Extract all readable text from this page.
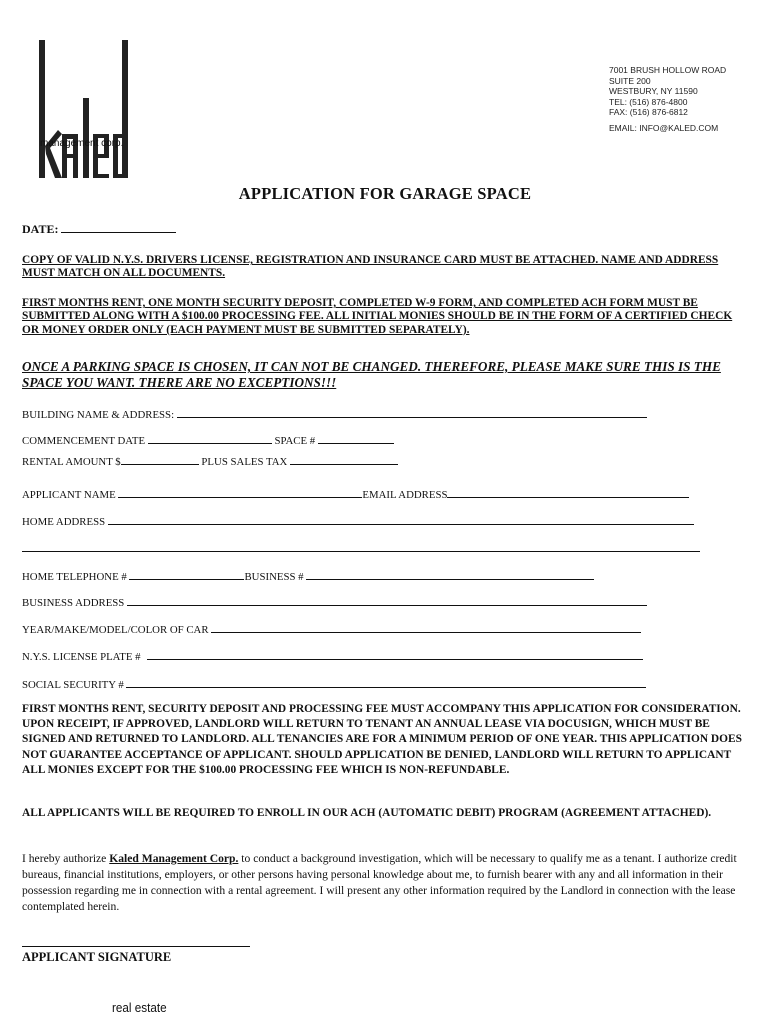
management corp.
7001 BRUSH HOLLOW ROAD
SUITE 200
WESTBURY, NY 11590
TEL: (516) 876-4800
FAX: (516) 876-6812
EMAIL: INFO@KALED.COM
APPLICATION FOR GARAGE SPACE
DATE:
COPY OF VALID N.Y.S. DRIVERS LICENSE, REGISTRATION AND INSURANCE CARD MUST BE ATTACHED. NAME AND ADDRESS MUST MATCH ON ALL DOCUMENTS.
FIRST MONTHS RENT, ONE MONTH SECURITY DEPOSIT, COMPLETED W-9 FORM, AND COMPLETED ACH FORM MUST BE SUBMITTED ALONG WITH A $100.00 PROCESSING FEE. ALL INITIAL MONIES SHOULD BE IN THE FORM OF A CERTIFIED CHECK OR MONEY ORDER ONLY (EACH PAYMENT MUST BE SUBMITTED SEPARATELY).
ONCE A PARKING SPACE IS CHOSEN, IT CAN NOT BE CHANGED. THEREFORE, PLEASE MAKE SURE THIS IS THE SPACE YOU WANT. THERE ARE NO EXCEPTIONS!!!
BUILDING NAME & ADDRESS:
COMMENCEMENT DATE	SPACE #
RENTAL AMOUNT $	PLUS SALES TAX
APPLICANT NAME	EMAIL ADDRESS
HOME ADDRESS
HOME TELEPHONE #	BUSINESS #
BUSINESS ADDRESS
YEAR/MAKE/MODEL/COLOR OF CAR
N.Y.S. LICENSE PLATE #
SOCIAL SECURITY #
FIRST MONTHS RENT, SECURITY DEPOSIT AND PROCESSING FEE MUST ACCOMPANY THIS APPLICATION FOR CONSIDERATION. UPON RECEIPT, IF APPROVED, LANDLORD WILL RETURN TO TENANT AN ANNUAL LEASE VIA DOCUSIGN, WHICH MUST BE SIGNED AND RETURNED TO LANDLORD. ALL TENANCIES ARE FOR A MINIMUM PERIOD OF ONE YEAR. THIS APPLICATION DOES NOT GUARANTEE ACCEPTANCE OF APPLICANT. SHOULD APPLICATION BE DENIED, LANDLORD WILL RETURN TO APPLICANT ALL MONIES EXCEPT FOR THE $100.00 PROCESSING FEE WHICH IS NON-REFUNDABLE.
ALL APPLICANTS WILL BE REQUIRED TO ENROLL IN OUR ACH (AUTOMATIC DEBIT) PROGRAM (AGREEMENT ATTACHED).
I hereby authorize Kaled Management Corp. to conduct a background investigation, which will be necessary to qualify me as a tenant. I authorize credit bureaus, financial institutions, employers, or other persons having personal knowledge about me, to furnish bearer with any and all information in their possession regarding me in connection with a rental agreement. I will present any other information required by the Landlord in connection with the lease contemplated herein.
APPLICANT SIGNATURE
real estate
